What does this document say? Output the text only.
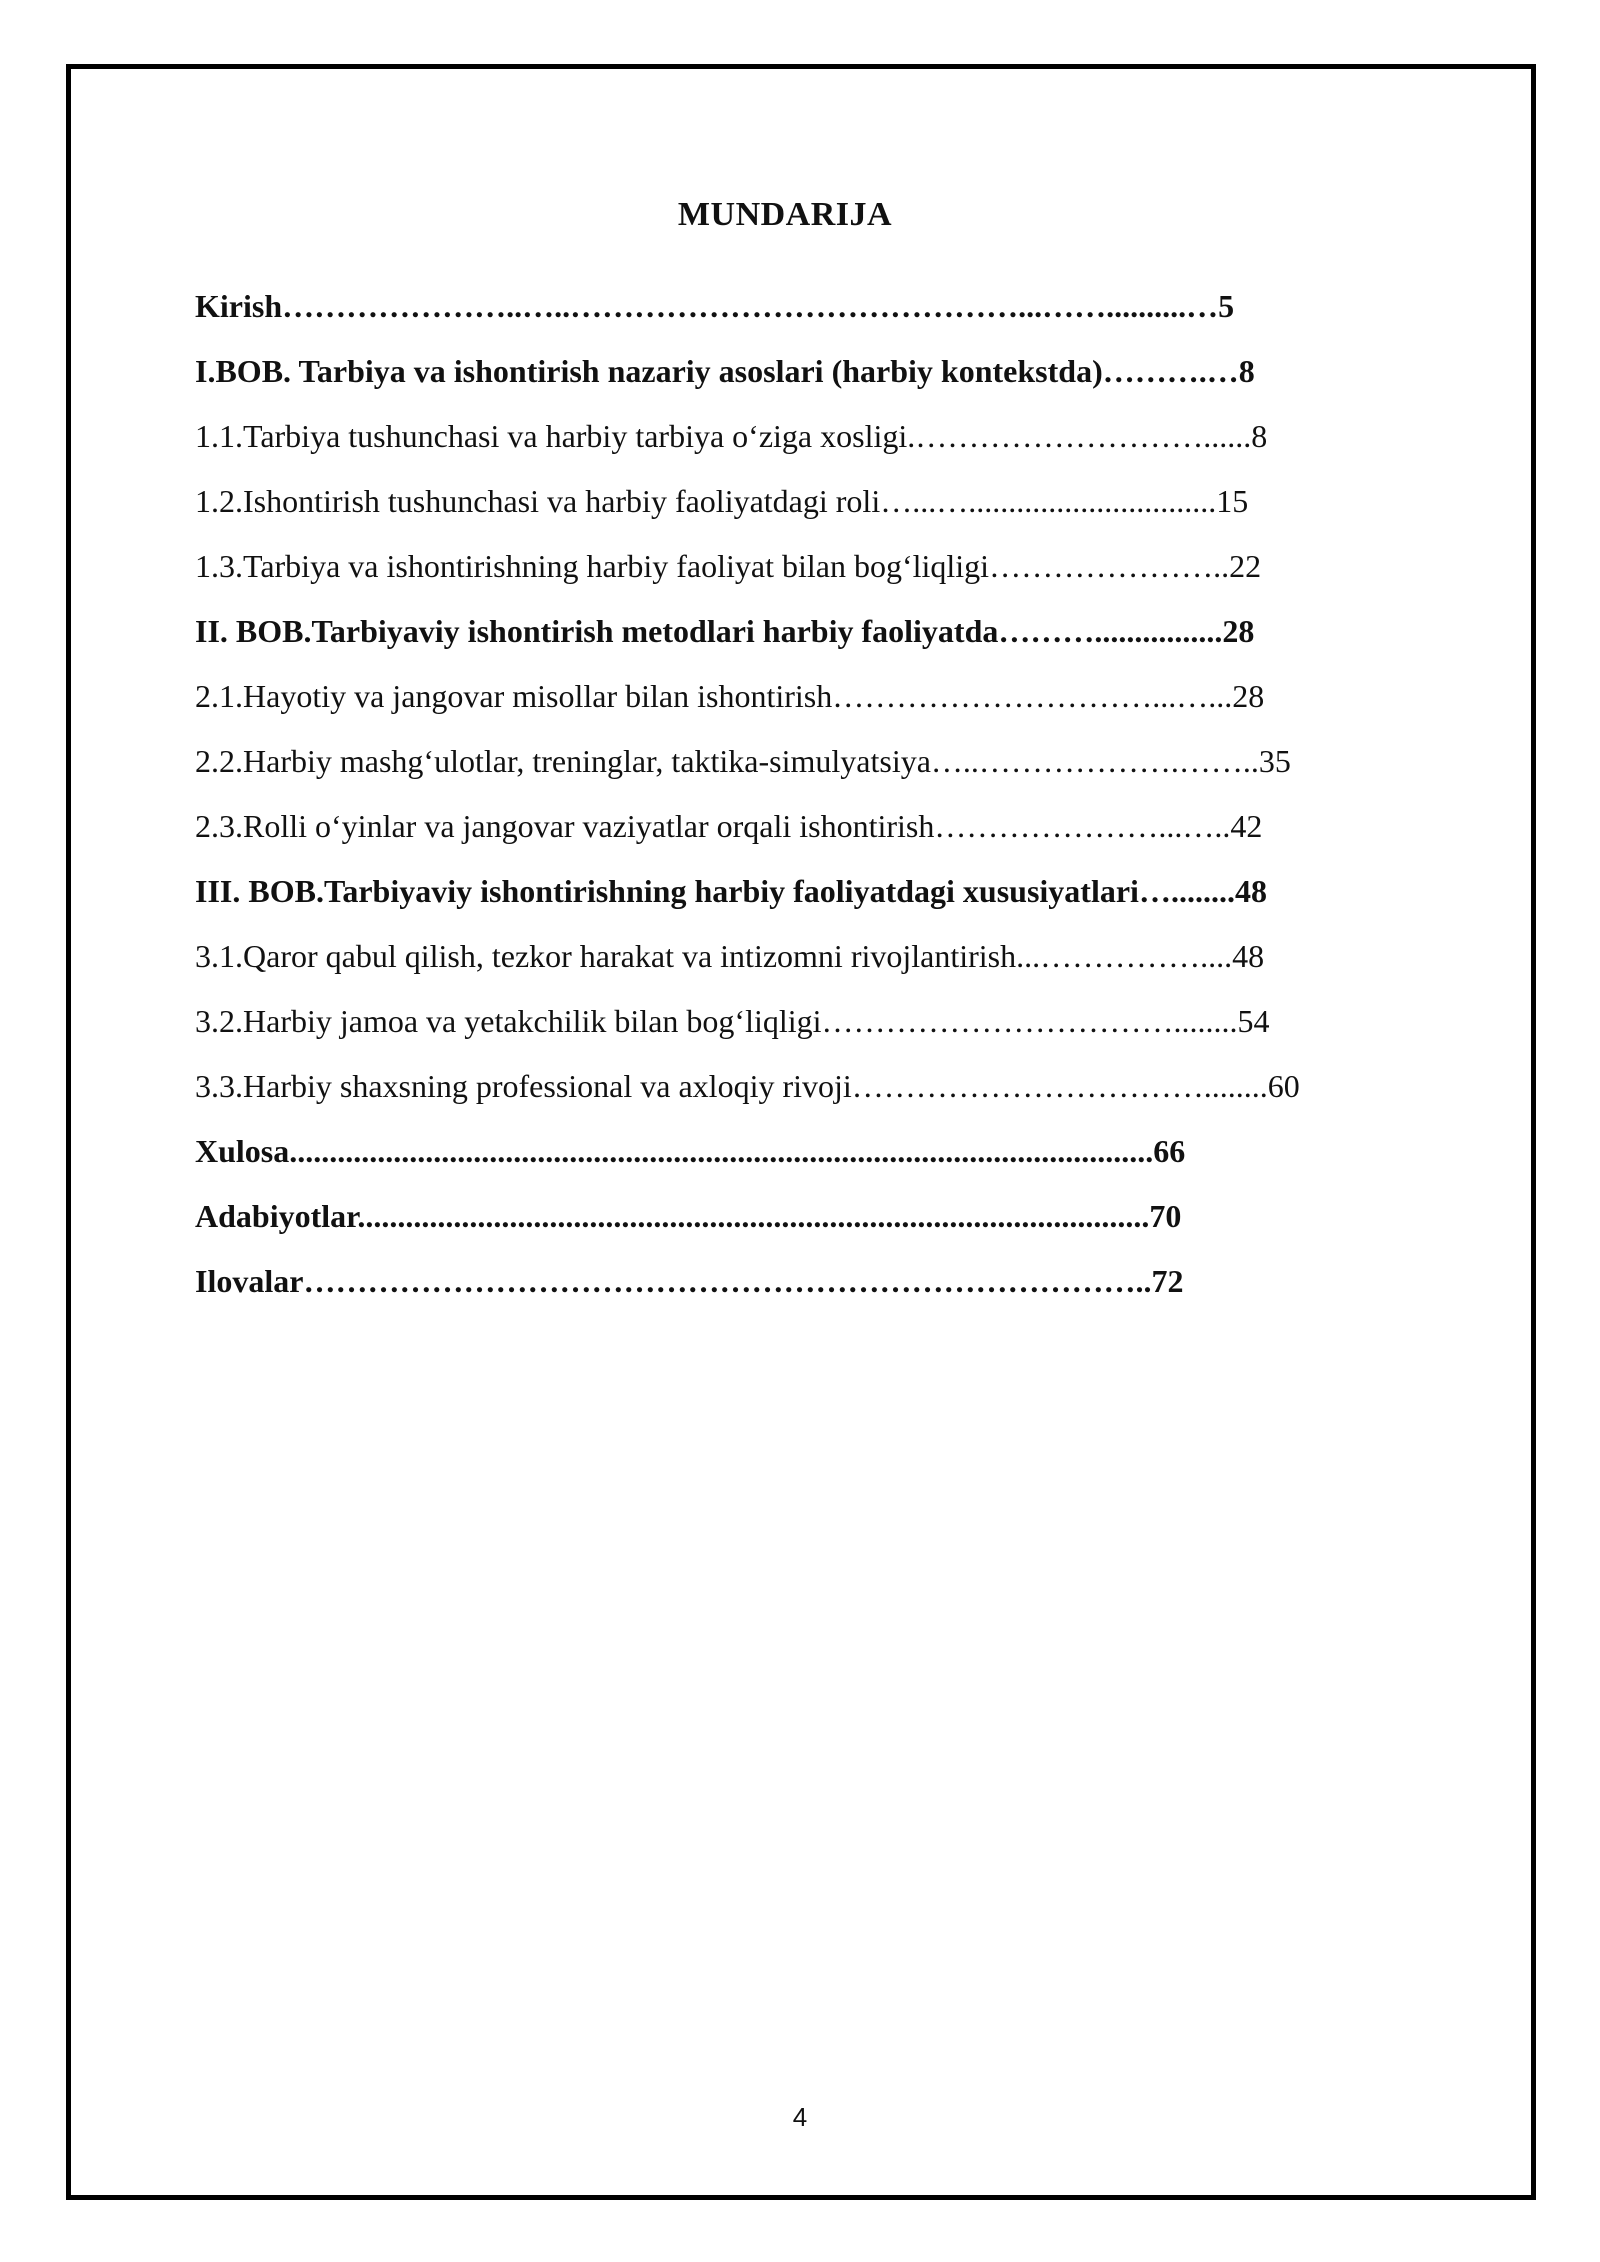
MUNDARIJA
Kirish…………………..…..……………………………………...……..........…5
I.BOB. Tarbiya va ishontirish nazariy asoslari (harbiy kontekstda)……….…8
1.1.Tarbiya tushunchasi va harbiy tarbiya o‘ziga xosligi.………………………......8
1.2.Ishontirish tushunchasi va harbiy faoliyatdagi roli…...…...............................15
1.3.Tarbiya va ishontirishning harbiy faoliyat bilan bog‘liqligi…………………..22
II. BOB.Tarbiyaviy ishontirish metodlari harbiy faoliyatda………................28
2.1.Hayotiy va jangovar misollar bilan ishontirish…………………………...…...28
2.2.Harbiy mashg‘ulotlar, treninglar, taktika-simulyatsiya…..……………….……..35
2.3.Rolli o‘yinlar va jangovar vaziyatlar orqali ishontirish…………………...…..42
III. BOB.Tarbiyaviy ishontirishning harbiy faoliyatdagi xususiyatlari…........48
3.1.Qaror qabul qilish, tezkor harakat va intizomni rivojlantirish...……………....48
3.2.Harbiy jamoa va yetakchilik bilan bog‘liqligi……………………………........54
3.3.Harbiy shaxsning professional va axloqiy rivoji……………………………........60
Xulosa............................................................................................................66
Adabiyotlar...................................................................................................70
Ilovalar……………………………………………………………………..72
4
